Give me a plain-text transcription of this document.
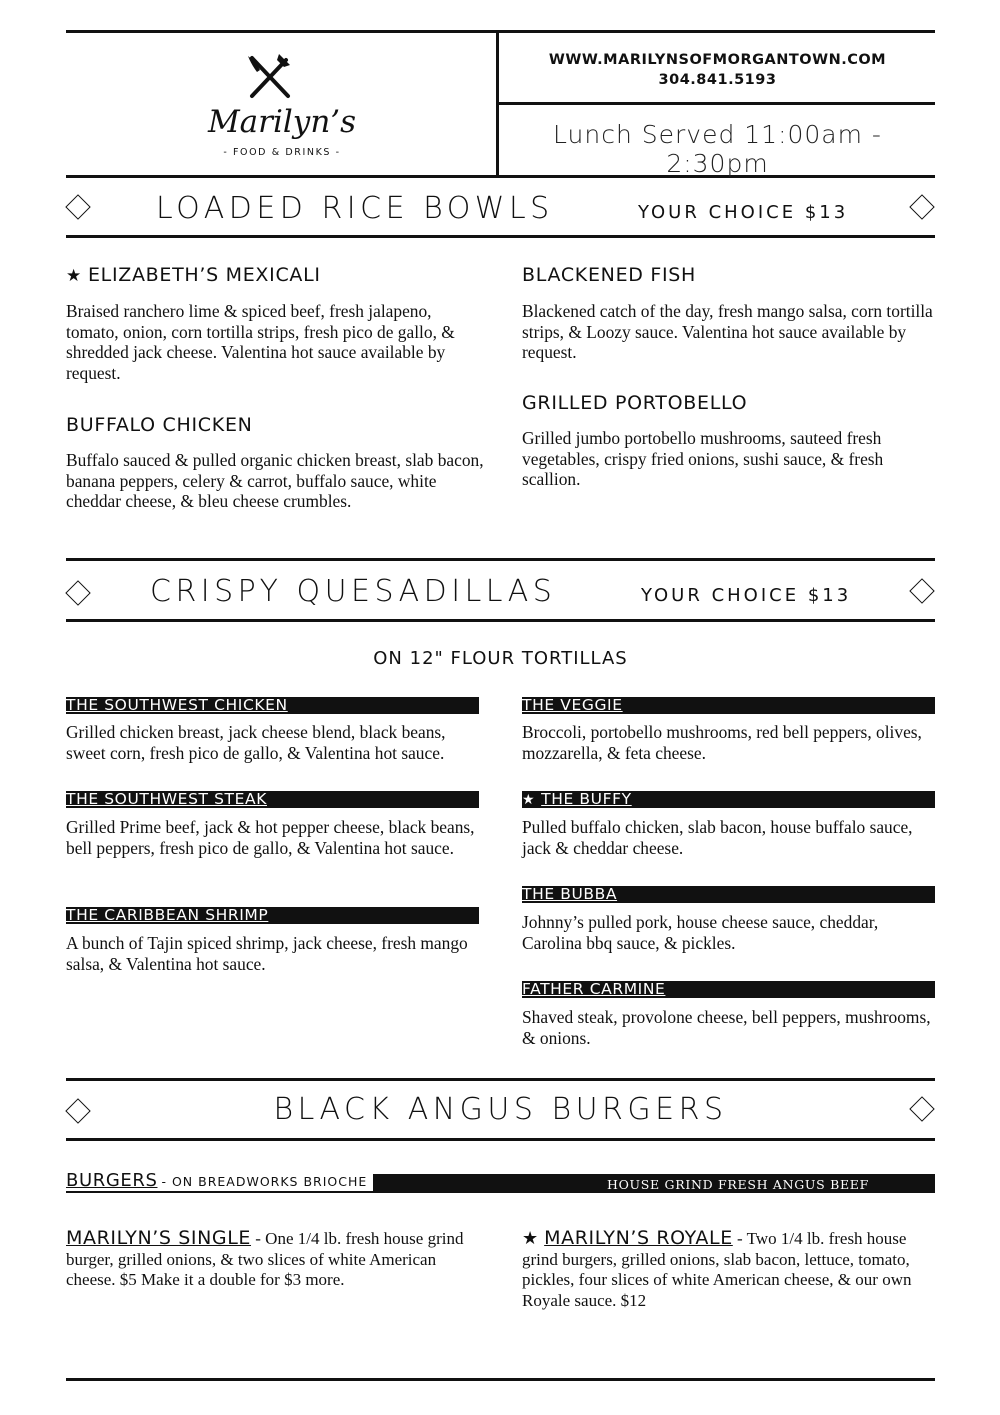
Marilyn’s
- FOOD & DRINKS -
WWW.MARILYNSOFMORGANTOWN.COM
304.841.5193
Lunch Served 11:00am - 2:30pm
LOADED RICE BOWLS	YOUR CHOICE $13
★ ELIZABETH’S MEXICALI
Braised ranchero lime & spiced beef, fresh jalapeno, tomato, onion, corn tortilla strips, fresh pico de gallo, & shredded jack cheese. Valentina hot sauce available by request.
BUFFALO CHICKEN
Buffalo sauced & pulled organic chicken breast, slab bacon, banana peppers, celery & carrot, buffalo sauce, white cheddar cheese, & bleu cheese crumbles.
BLACKENED FISH
Blackened catch of the day, fresh mango salsa, corn tortilla strips, & Loozy sauce. Valentina hot sauce available by request.
GRILLED PORTOBELLO
Grilled jumbo portobello mushrooms, sauteed fresh vegetables, crispy fried onions, sushi sauce, & fresh scallion.
CRISPY QUESADILLAS	YOUR CHOICE $13
ON 12" FLOUR TORTILLAS
THE SOUTHWEST CHICKEN
Grilled chicken breast, jack cheese blend, black beans, sweet corn, fresh pico de gallo, & Valentina hot sauce.
THE SOUTHWEST STEAK
Grilled Prime beef, jack & hot pepper cheese, black beans, bell peppers, fresh pico de gallo, & Valentina hot sauce.
THE CARIBBEAN SHRIMP
A bunch of Tajin spiced shrimp, jack cheese, fresh mango salsa, & Valentina hot sauce.
THE VEGGIE
Broccoli, portobello mushrooms, red bell peppers, olives, mozzarella, & feta cheese.
★ THE BUFFY
Pulled buffalo chicken, slab bacon, house buffalo sauce, jack & cheddar cheese.
THE BUBBA
Johnny’s pulled pork, house cheese sauce, cheddar, Carolina bbq sauce, & pickles.
FATHER CARMINE
Shaved steak, provolone cheese, bell peppers, mushrooms, & onions.
BLACK ANGUS BURGERS
BURGERS - ON BREADWORKS BRIOCHE	HOUSE GRIND FRESH ANGUS BEEF
MARILYN’S SINGLE - One 1/4 lb. fresh house grind burger, grilled onions, & two slices of white American cheese. $5 Make it a double for $3 more.
★ MARILYN’S ROYALE - Two 1/4 lb. fresh house grind burgers, grilled onions, slab bacon, lettuce, tomato, pickles, four slices of white American cheese, & our own Royale sauce. $12
